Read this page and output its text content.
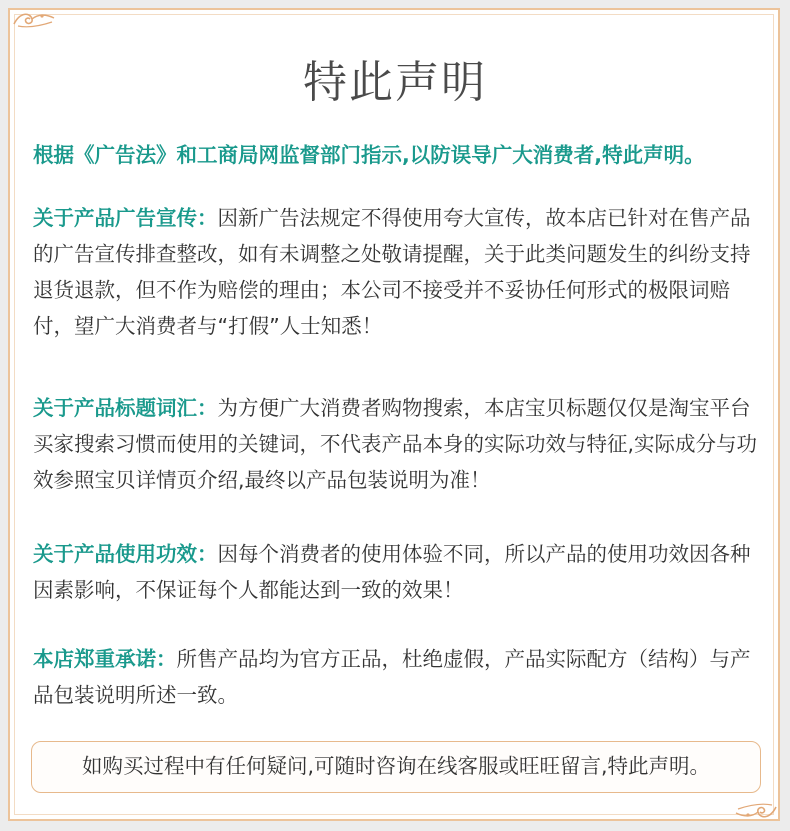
特此声明
根据《广告法》和工商局网监督部门指示,以防误导广大消费者,特此声明。
关于产品广告宣传：因新广告法规定不得使用夸大宣传，故本店已针对在售产品的广告宣传排查整改，如有未调整之处敬请提醒，关于此类问题发生的纠纷支持退货退款，但不作为赔偿的理由；本公司不接受并不妥协任何形式的极限词赔付，望广大消费者与“打假”人士知悉！
关于产品标题词汇：为方便广大消费者购物搜索，本店宝贝标题仅仅是淘宝平台买家搜索习惯而使用的关键词，不代表产品本身的实际功效与特征,实际成分与功效参照宝贝详情页介绍,最终以产品包装说明为准！
关于产品使用功效：因每个消费者的使用体验不同，所以产品的使用功效因各种因素影响，不保证每个人都能达到一致的效果！
本店郑重承诺：所售产品均为官方正品，杜绝虚假，产品实际配方（结构）与产品包装说明所述一致。
如购买过程中有任何疑问,可随时咨询在线客服或旺旺留言,特此声明。
